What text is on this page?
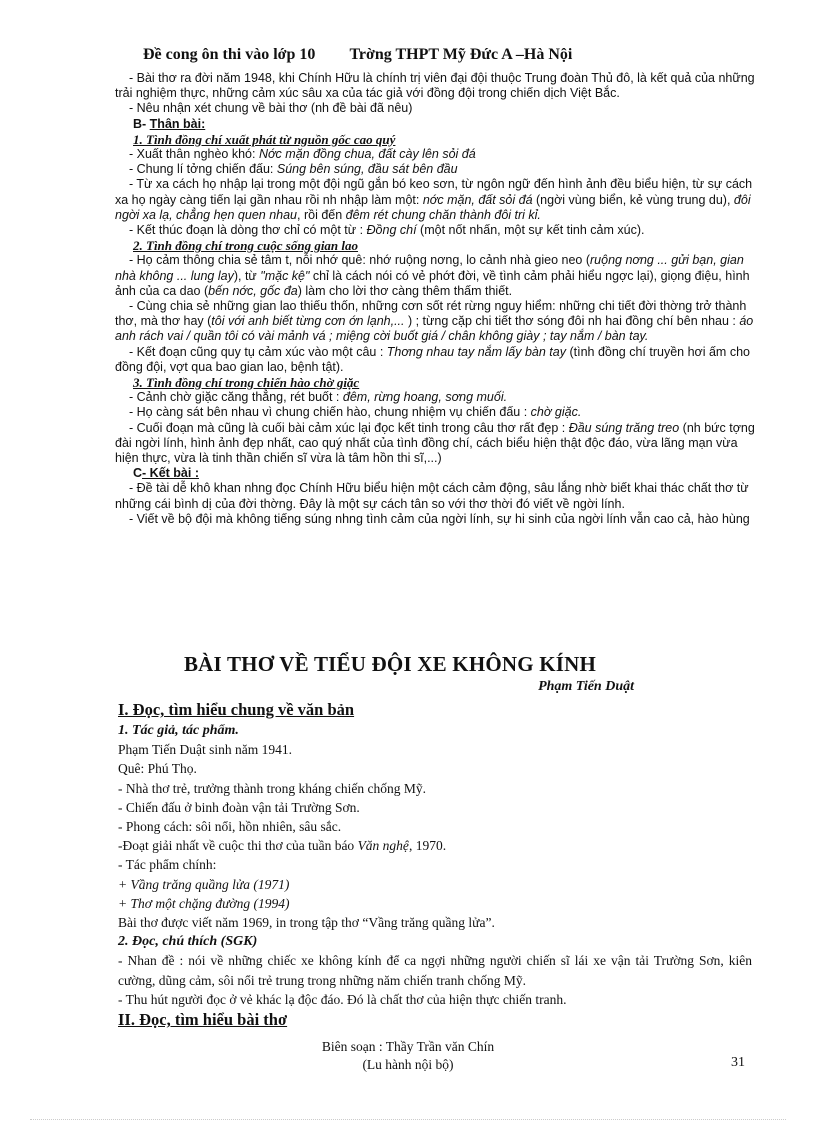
Đề cong ôn thi vào lớp 10 Trờng THPT Mỹ Đức A –Hà Nội

- Bài thơ ra đời năm 1948, khi Chính Hữu là chính trị viên đại đội thuộc Trung đoàn Thủ đô, là kết quả của những trải nghiệm thực, những cảm xúc sâu xa của tác giả với đồng đội trong chiến dịch Việt Bắc.

- Nêu nhận xét chung về bài thơ (nh đề bài đã nêu)

B- Thân bài:

1. Tình đồng chí xuất phát từ nguồn gốc cao quý

- Xuất thân nghèo khó: Nớc mặn đồng chua, đất cày lên sỏi đá

- Chung lí tởng chiến đấu: Súng bên súng, đầu sát bên đầu

- Từ xa cách họ nhập lại trong một đội ngũ gắn bó keo sơn, từ ngôn ngữ đến hình ảnh đều biểu hiện, từ sự cách xa họ ngày càng tiến lại gần nhau rồi nh nhập làm một: nớc mặn, đất sỏi đá (ngời vùng biển, kẻ vùng trung du), đôi ngời xa lạ, chẳng hẹn quen nhau, rồi đến đêm rét chung chăn thành đôi tri kỉ.

- Kết thúc đoạn là dòng thơ chỉ có một từ : Đồng chí (một nốt nhấn, một sự kết tinh cảm xúc).

2. Tình đồng chí trong cuộc sống gian lao

- Họ cảm thông chia sẻ tâm t, nỗi nhớ quê: nhớ ruộng nơng, lo cảnh nhà gieo neo (ruộng nơng ... gửi bạn, gian nhà không ... lung lay), từ "mặc kệ" chỉ là cách nói có vẻ phớt đời, về tình cảm phải hiểu ngợc lại), giọng điệu, hình ảnh của ca dao (bến nớc, gốc đa) làm cho lời thơ càng thêm thấm thiết.

- Cùng chia sẻ những gian lao thiếu thốn, những cơn sốt rét rừng nguy hiểm: những chi tiết đời thờng trở thành thơ, mà thơ hay (tôi với anh biết từng cơn ớn lạnh,... ) ; từng cặp chi tiết thơ sóng đôi nh hai đồng chí bên nhau : áo anh rách vai / quần tôi có vài mảnh vá ; miệng cời buốt giá / chân không giày ; tay nắm / bàn tay.

- Kết đoạn cũng quy tụ cảm xúc vào một câu : Thơng nhau tay nắm lấy bàn tay (tình đồng chí truyền hơi ấm cho đồng đội, vợt qua bao gian lao, bệnh tật).

3. Tình đồng chí trong chiến hào chờ giặc

- Cảnh chờ giặc căng thẳng, rét buốt : đêm, rừng hoang, sơng muối.

- Họ càng sát bên nhau vì chung chiến hào, chung nhiệm vụ chiến đấu : chờ giặc.

- Cuối đoạn mà cũng là cuối bài cảm xúc lại đọc kết tinh trong câu thơ rất đẹp : Đầu súng trăng treo (nh bức tợng đài ngời lính, hình ảnh đẹp nhất, cao quý nhất của tình đồng chí, cách biểu hiện thật độc đáo, vừa lãng mạn vừa hiện thực, vừa là tinh thần chiến sĩ vừa là tâm hồn thi sĩ,...)

C- Kết bài :

- Đề tài dễ khô khan nhng đọc Chính Hữu biểu hiện một cách cảm động, sâu lắng nhờ biết khai thác chất thơ từ những cái bình dị của đời thờng. Đây là một sự cách tân so với thơ thời đó viết về ngời lính.

- Viết về bộ đội mà không tiếng súng nhng tình cảm của ngời lính, sự hi sinh của ngời lính vẫn cao cả, hào hùng

BÀI THƠ VỀ TIỂU ĐỘI XE KHÔNG KÍNH
Phạm Tiến Duật

I. Đọc, tìm hiểu chung về văn bản

1. Tác giả, tác phẩm.

Phạm Tiến Duật sinh năm 1941.

Quê: Phú Thọ.

- Nhà thơ trẻ, trưởng thành trong kháng chiến chống Mỹ.

- Chiến đấu ở binh đoàn vận tải Trường Sơn.

- Phong cách: sôi nổi, hồn nhiên, sâu sắc.

-Đoạt giải nhất về cuộc thi thơ của tuần báo Văn nghệ, 1970.

- Tác phẩm chính:

+ Vầng trăng quầng lửa (1971)

+ Thơ một chặng đường (1994)

Bài thơ được viết năm 1969, in trong tập thơ “Vầng trăng quầng lửa”.

2. Đọc, chú thích (SGK)

- Nhan đề : nói về những chiếc xe không kính để ca ngợi những người chiến sĩ lái xe vận tải Trường Sơn, kiên cường, dũng cảm, sôi nổi trẻ trung trong những năm chiến tranh chống Mỹ.

- Thu hút người đọc ở vẻ khác lạ độc đáo. Đó là chất thơ của hiện thực chiến tranh.

II. Đọc, tìm hiểu bài thơ

Biên soạn : Thầy Trần văn Chín
(Lu hành nội bộ)	31
